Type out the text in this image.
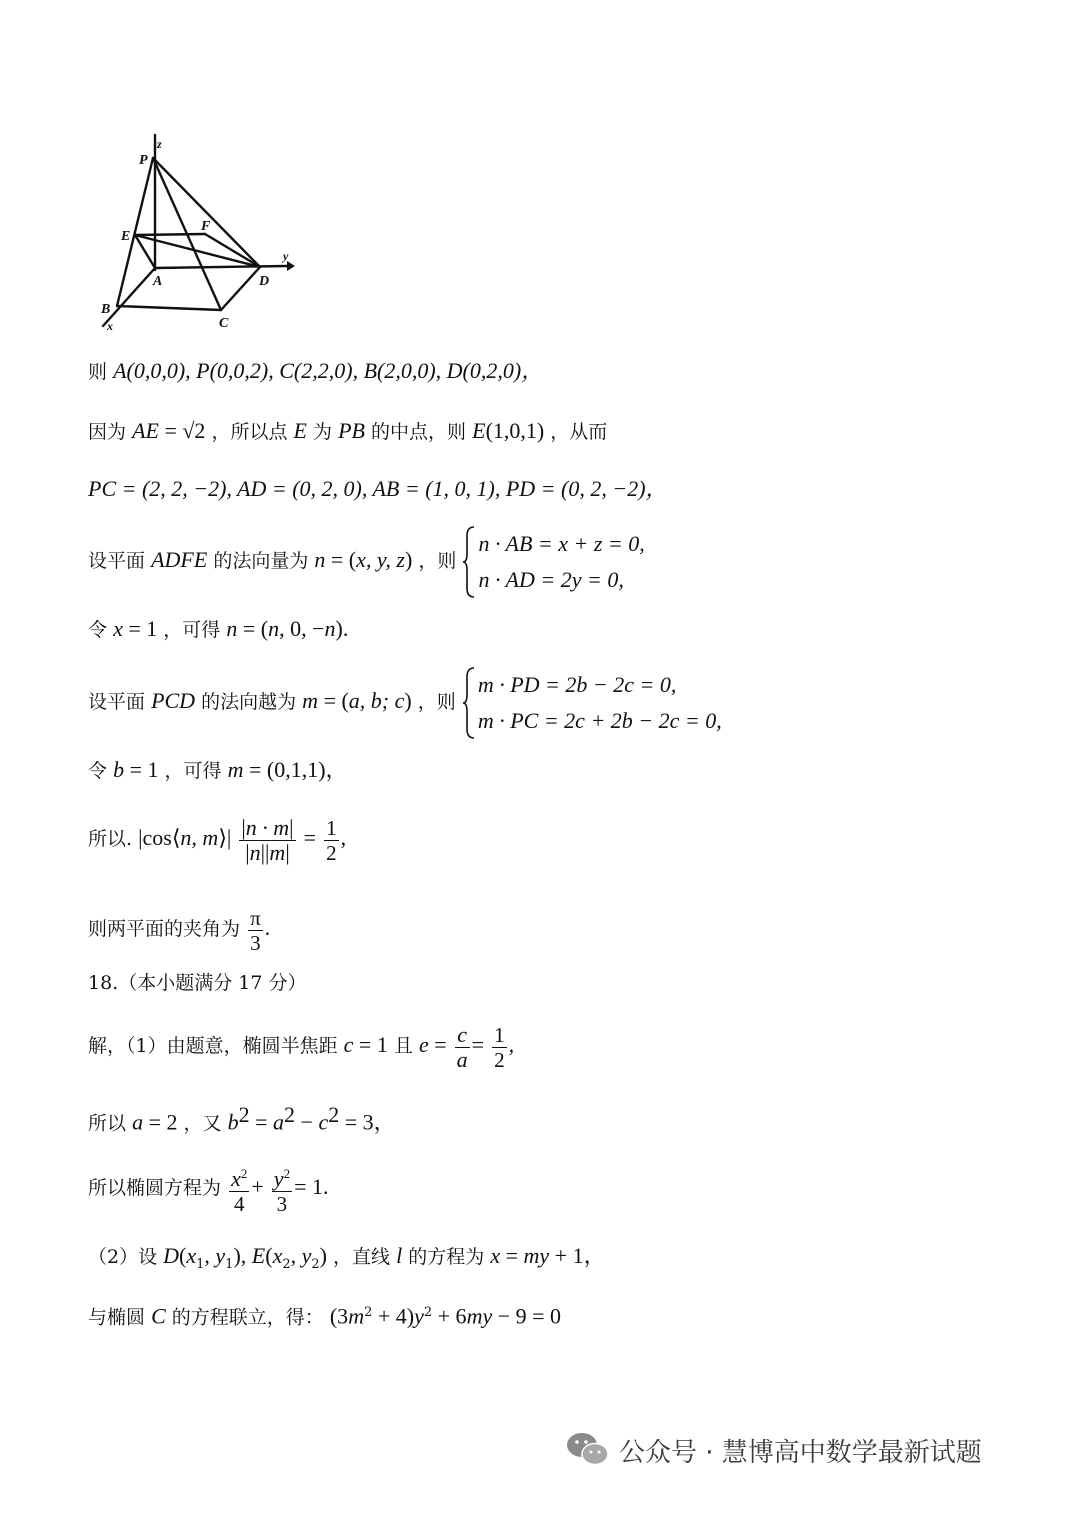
P
z
E
F
y
A	D
B
C
x
则 A(0,0,0), P(0,0,2), C(2,2,0), B(2,0,0), D(0,2,0)，
因为 AE = √2 ，所以点 E 为 PB 的中点，则 E(1,0,1) ，从而
PC = (2, 2, −2), AD = (0, 2, 0), AB = (1, 0, 1), PD = (0, 2, −2)，
设平面 ADFE 的法向量为 n = (x, y, z) ，则
n · AB = x + z = 0,
n · AD = 2y = 0,
令 x = 1 ，可得 n = (n, 0, −n).
设平面 PCD 的法向越为 m = (a, b; c) ，则
m · PD = 2b − 2c = 0,
m · PC = 2c + 2b − 2c = 0,
令 b = 1 ，可得 m = (0,1,1)，
所以. |cos⟨n, m⟩| $\frac{|n \cdot m|}{|n||m|} = \frac{1}{2}$ ,
则两平面的夹角为 $\frac{\pi}{3}$ .
18.（本小题满分 17 分）
解，（1）由题意，椭圆半焦距 c = 1 且 $e = \frac{c}{a} = \frac{1}{2}$ ,
所以 a = 2 ，又 $b^2 = a^2 - c^2 = 3$，
所以椭圆方程为 $\frac{x^2}{4} + \frac{y^2}{3} = 1$.
（2）设 $D(x_1$, $y_1$), $E(x_2$, $y_2$) ，直线 l 的方程为 x = my + 1，
与椭圆 C 的方程联立，得： $(3m^2 + 4)y^2 + 6my - 9 = 0$
公众号 · 慧博高中数学最新试题
